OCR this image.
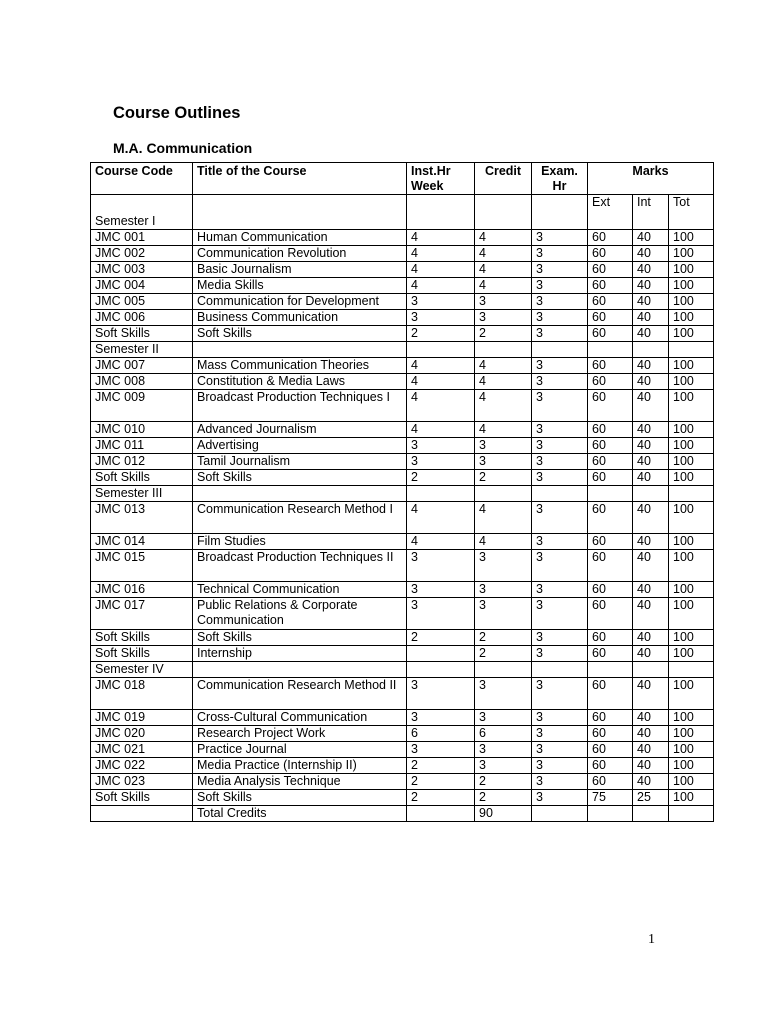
Course Outlines
M.A. Communication
Course Code	Title of the Course	Inst.Hr Week	Credit	Exam. Hr	Marks		
Semester I					Ext	Int	Tot
JMC 001	Human Communication	4	4	3	60	40	100
JMC 002	Communication Revolution	4	4	3	60	40	100
JMC 003	Basic Journalism	4	4	3	60	40	100
JMC 004	Media Skills	4	4	3	60	40	100
JMC 005	Communication for Development	3	3	3	60	40	100
JMC 006	Business Communication	3	3	3	60	40	100
Soft Skills	Soft Skills	2	2	3	60	40	100
Semester II							
JMC 007	Mass Communication Theories	4	4	3	60	40	100
JMC 008	Constitution & Media Laws	4	4	3	60	40	100
JMC 009	Broadcast Production Techniques I	4	4	3	60	40	100
JMC 010	Advanced Journalism	4	4	3	60	40	100
JMC 011	Advertising	3	3	3	60	40	100
JMC 012	Tamil Journalism	3	3	3	60	40	100
Soft Skills	Soft Skills	2	2	3	60	40	100
Semester III							
JMC 013	Communication Research Method I	4	4	3	60	40	100
JMC 014	Film Studies	4	4	3	60	40	100
JMC 015	Broadcast Production Techniques II	3	3	3	60	40	100
JMC 016	Technical Communication	3	3	3	60	40	100
JMC 017	Public Relations & Corporate Communication	3	3	3	60	40	100
Soft Skills	Soft Skills	2	2	3	60	40	100
Soft Skills	Internship		2	3	60	40	100
Semester IV							
JMC 018	Communication Research Method II	3	3	3	60	40	100
JMC 019	Cross-Cultural Communication	3	3	3	60	40	100
JMC 020	Research Project Work	6	6	3	60	40	100
JMC 021	Practice Journal	3	3	3	60	40	100
JMC 022	Media Practice (Internship II)	2	3	3	60	40	100
JMC 023	Media Analysis Technique	2	2	3	60	40	100
Soft Skills	Soft Skills	2	2	3	75	25	100
	Total Credits		90				

1
